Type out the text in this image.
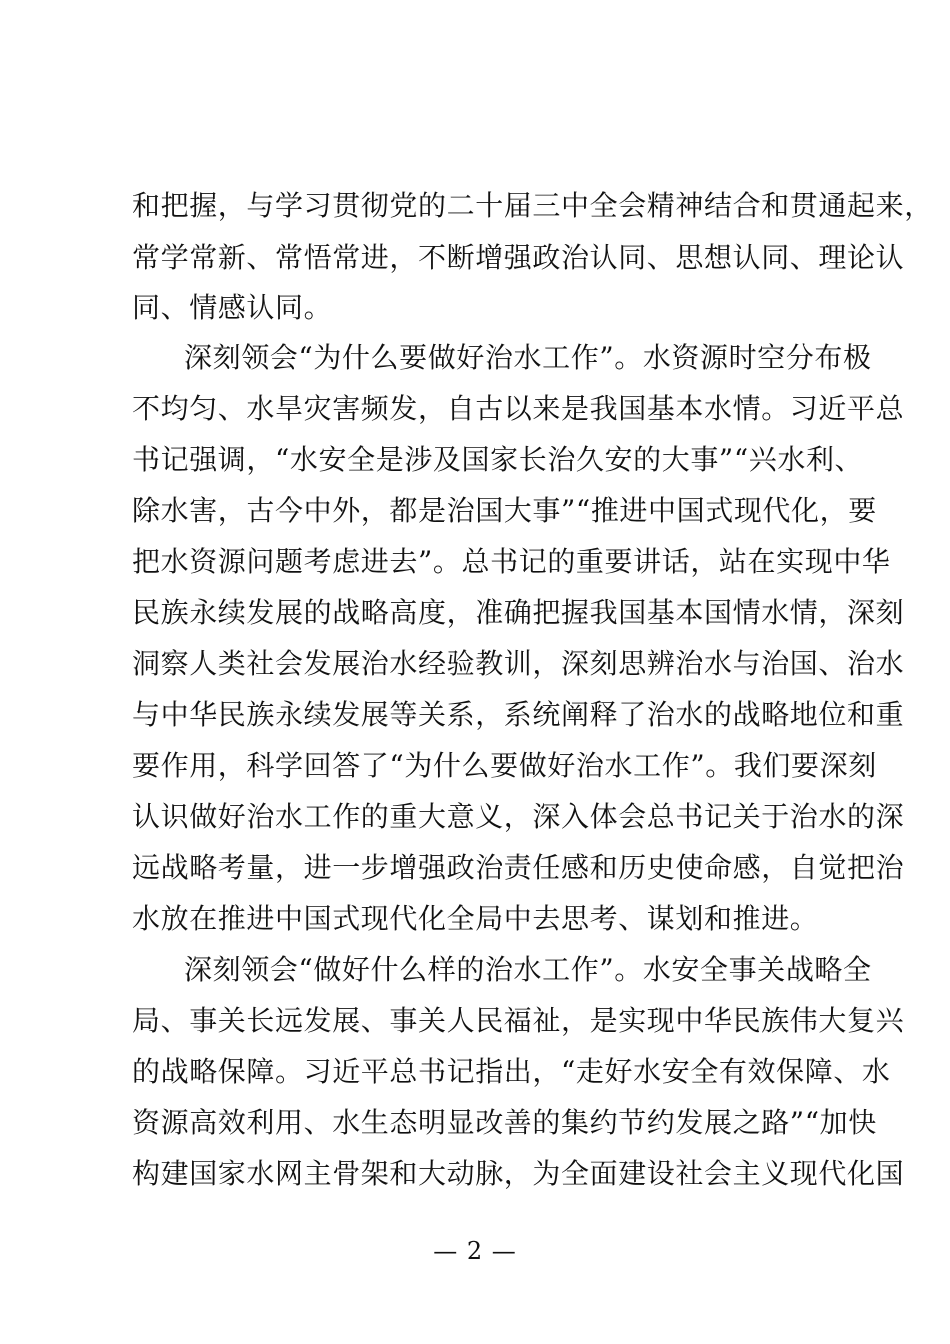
和把握，与学习贯彻党的二十届三中全会精神结合和贯通起来，
常学常新、常悟常进，不断增强政治认同、思想认同、理论认
同、情感认同。
深刻领会“为什么要做好治水工作”。水资源时空分布极
不均匀、水旱灾害频发，自古以来是我国基本水情。习近平总
书记强调，“水安全是涉及国家长治久安的大事”“兴水利、
除水害，古今中外，都是治国大事”“推进中国式现代化，要
把水资源问题考虑进去”。总书记的重要讲话，站在实现中华
民族永续发展的战略高度，准确把握我国基本国情水情，深刻
洞察人类社会发展治水经验教训，深刻思辨治水与治国、治水
与中华民族永续发展等关系，系统阐释了治水的战略地位和重
要作用，科学回答了“为什么要做好治水工作”。我们要深刻
认识做好治水工作的重大意义，深入体会总书记关于治水的深
远战略考量，进一步增强政治责任感和历史使命感，自觉把治
水放在推进中国式现代化全局中去思考、谋划和推进。
深刻领会“做好什么样的治水工作”。水安全事关战略全
局、事关长远发展、事关人民福祉，是实现中华民族伟大复兴
的战略保障。习近平总书记指出，“走好水安全有效保障、水
资源高效利用、水生态明显改善的集约节约发展之路”“加快
构建国家水网主骨架和大动脉，为全面建设社会主义现代化国
— 2 —
